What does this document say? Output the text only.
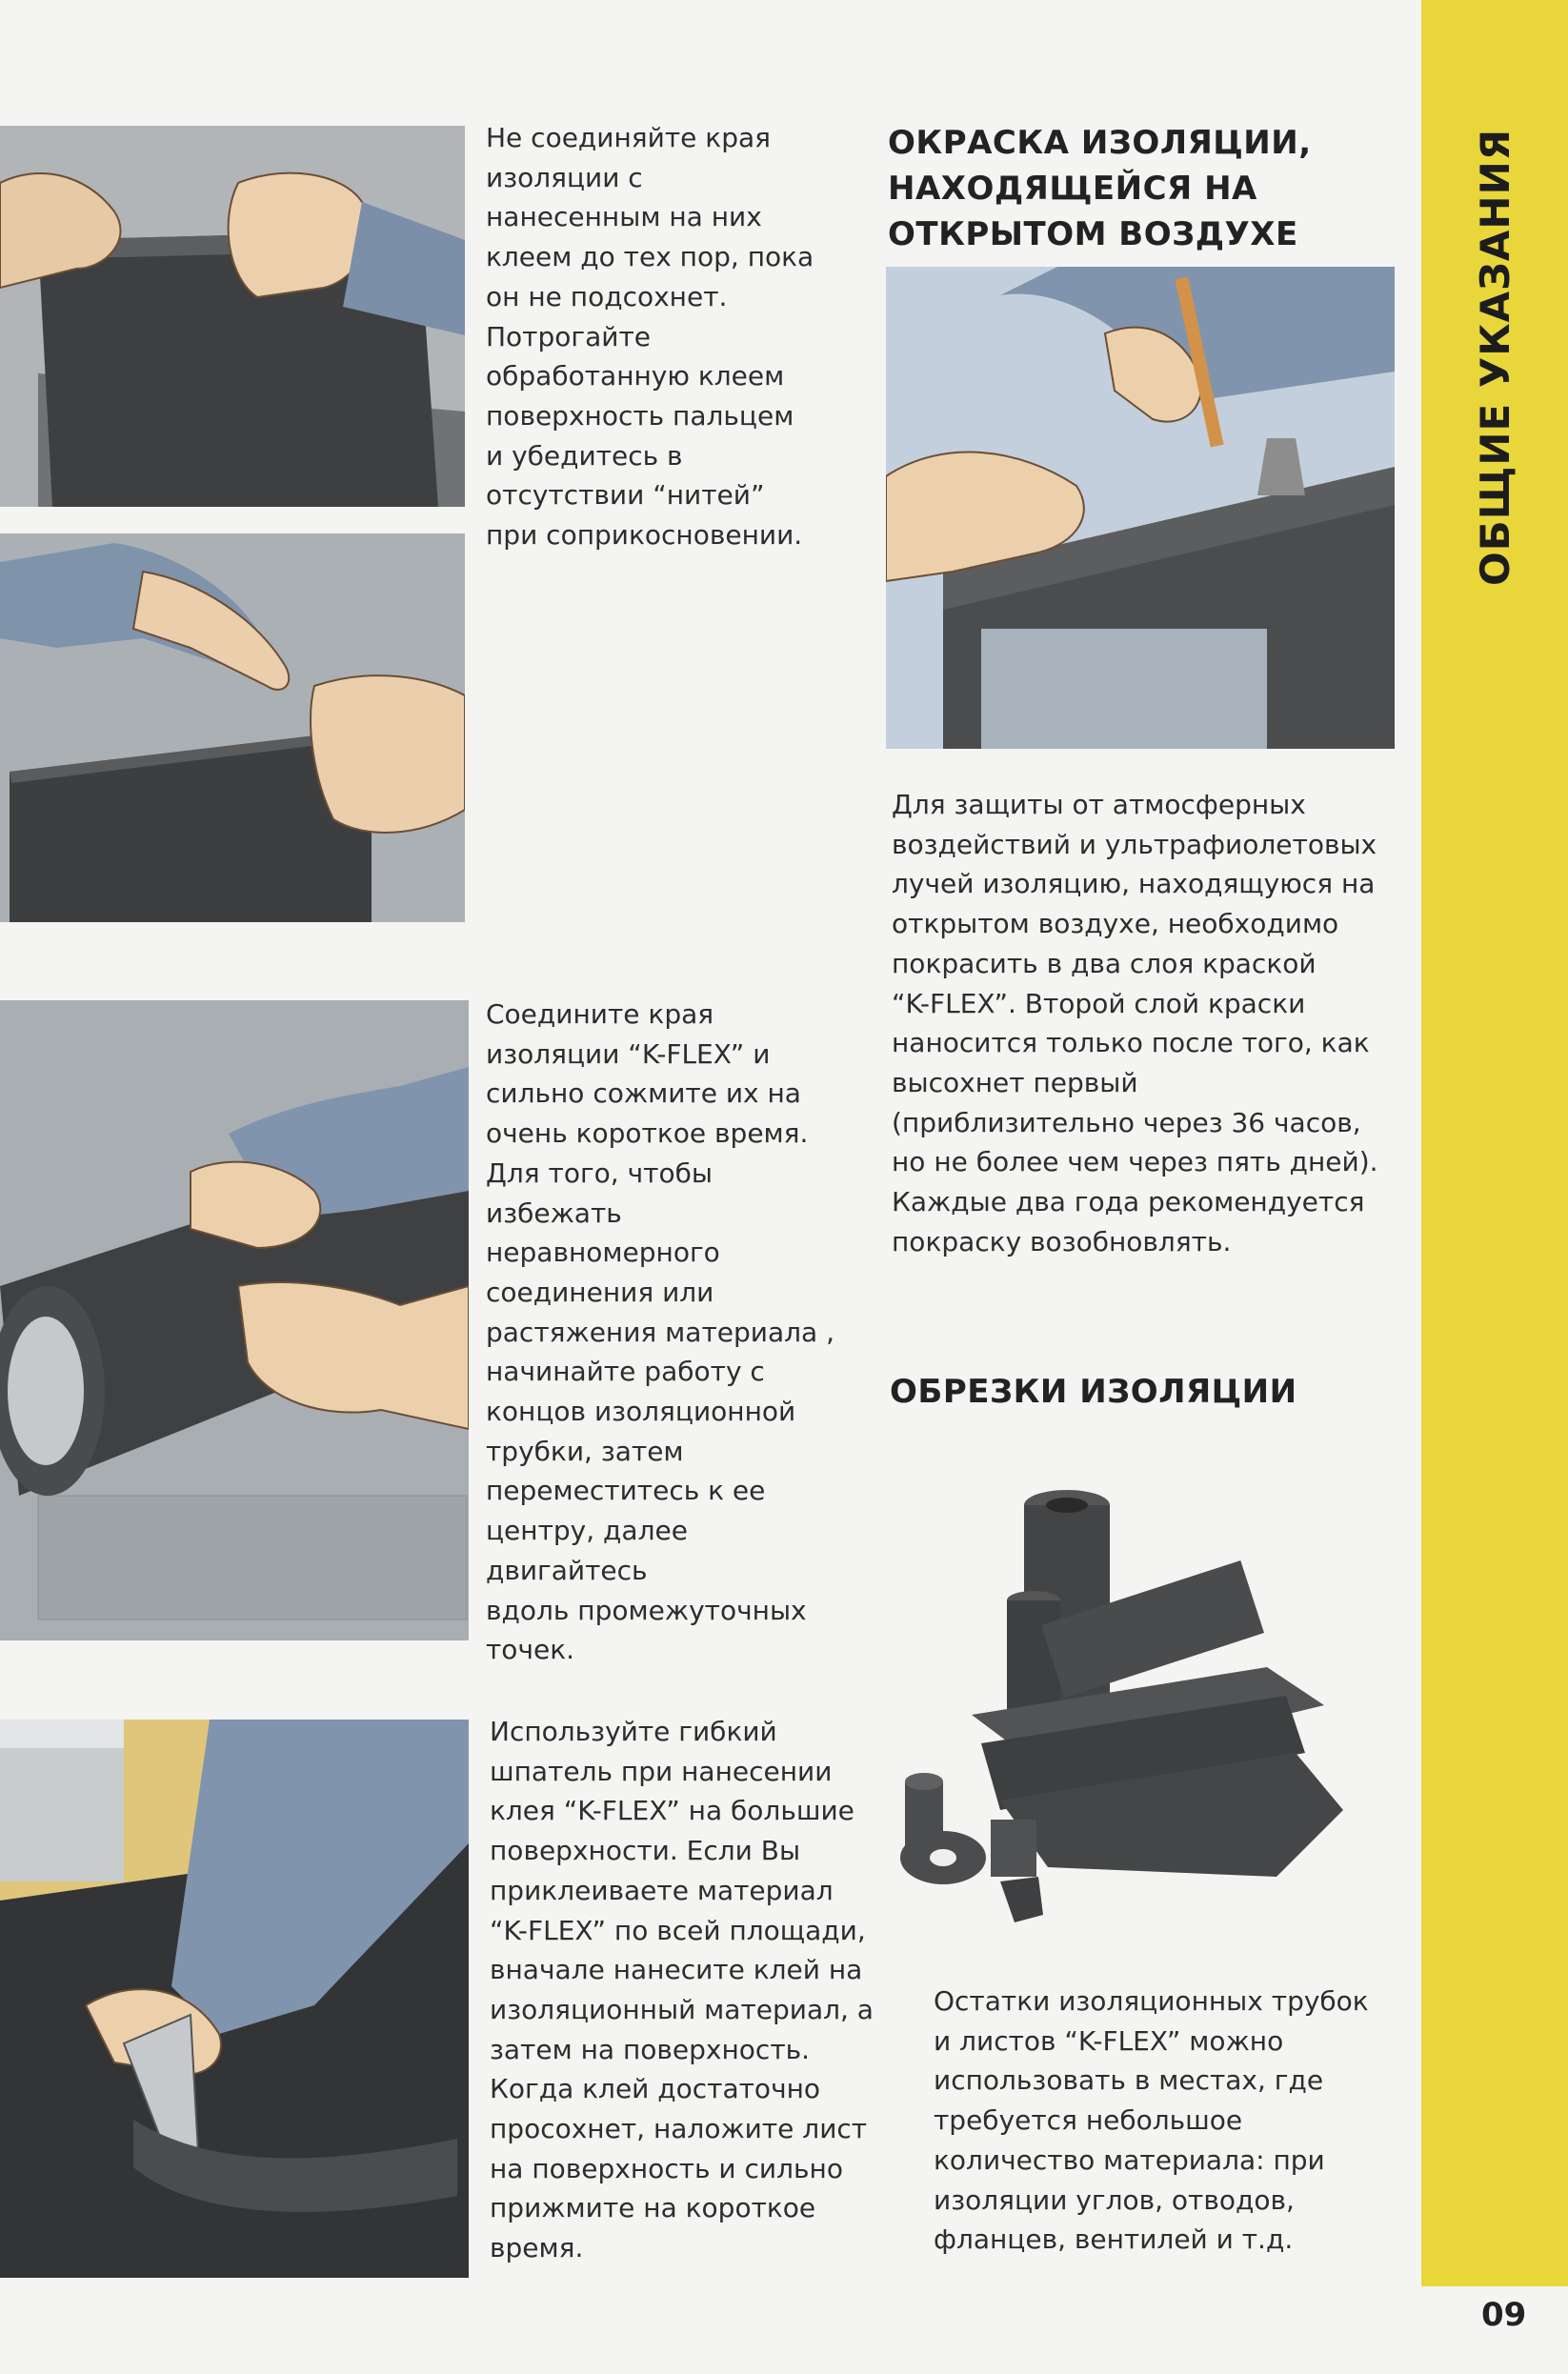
ОБЩИЕ УКАЗАНИЯ
09

Не соединяйте края
изоляции с
нанесенным на них
клеем до тех пор, пока
он не подсохнет.
Потрогайте
обработанную клеем
поверхность пальцем
и убедитесь в
отсутствии “нитей”
при соприкосновении.

Соедините края
изоляции “K-FLEX” и
сильно сожмите их на
очень короткое время.
Для того, чтобы
избежать
неравномерного
соединения или
растяжения материала ,
начинайте работу с
концов изоляционной
трубки, затем
переместитесь к ее
центру, далее двигайтесь
вдоль промежуточных
точек.

Используйте гибкий
шпатель при нанесении
клея “K-FLEX” на большие
поверхности. Если Вы
приклеиваете материал
“K-FLEX” по всей площади,
вначале нанесите клей на
изоляционный материал, а
затем на поверхность.
Когда клей достаточно
просохнет, наложите лист
на поверхность и сильно
прижмите на короткое
время.

ОКРАСКА ИЗОЛЯЦИИ,
НАХОДЯЩЕЙСЯ НА
ОТКРЫТОМ ВОЗДУХЕ

Для защиты от атмосферных
воздействий и ультрафиолетовых
лучей изоляцию, находящуюся на
открытом воздухе, необходимо
покрасить в два слоя краской
“K-FLEX”. Второй слой краски
наносится только после того, как
высохнет первый
(приблизительно через 36 часов,
но не более чем через пять дней).
Каждые два года рекомендуется
покраску возобновлять.

ОБРЕЗКИ ИЗОЛЯЦИИ

Остатки изоляционных трубок
и листов “K-FLEX” можно
использовать в местах, где
требуется небольшое
количество материала: при
изоляции углов, отводов,
фланцев, вентилей и т.д.
